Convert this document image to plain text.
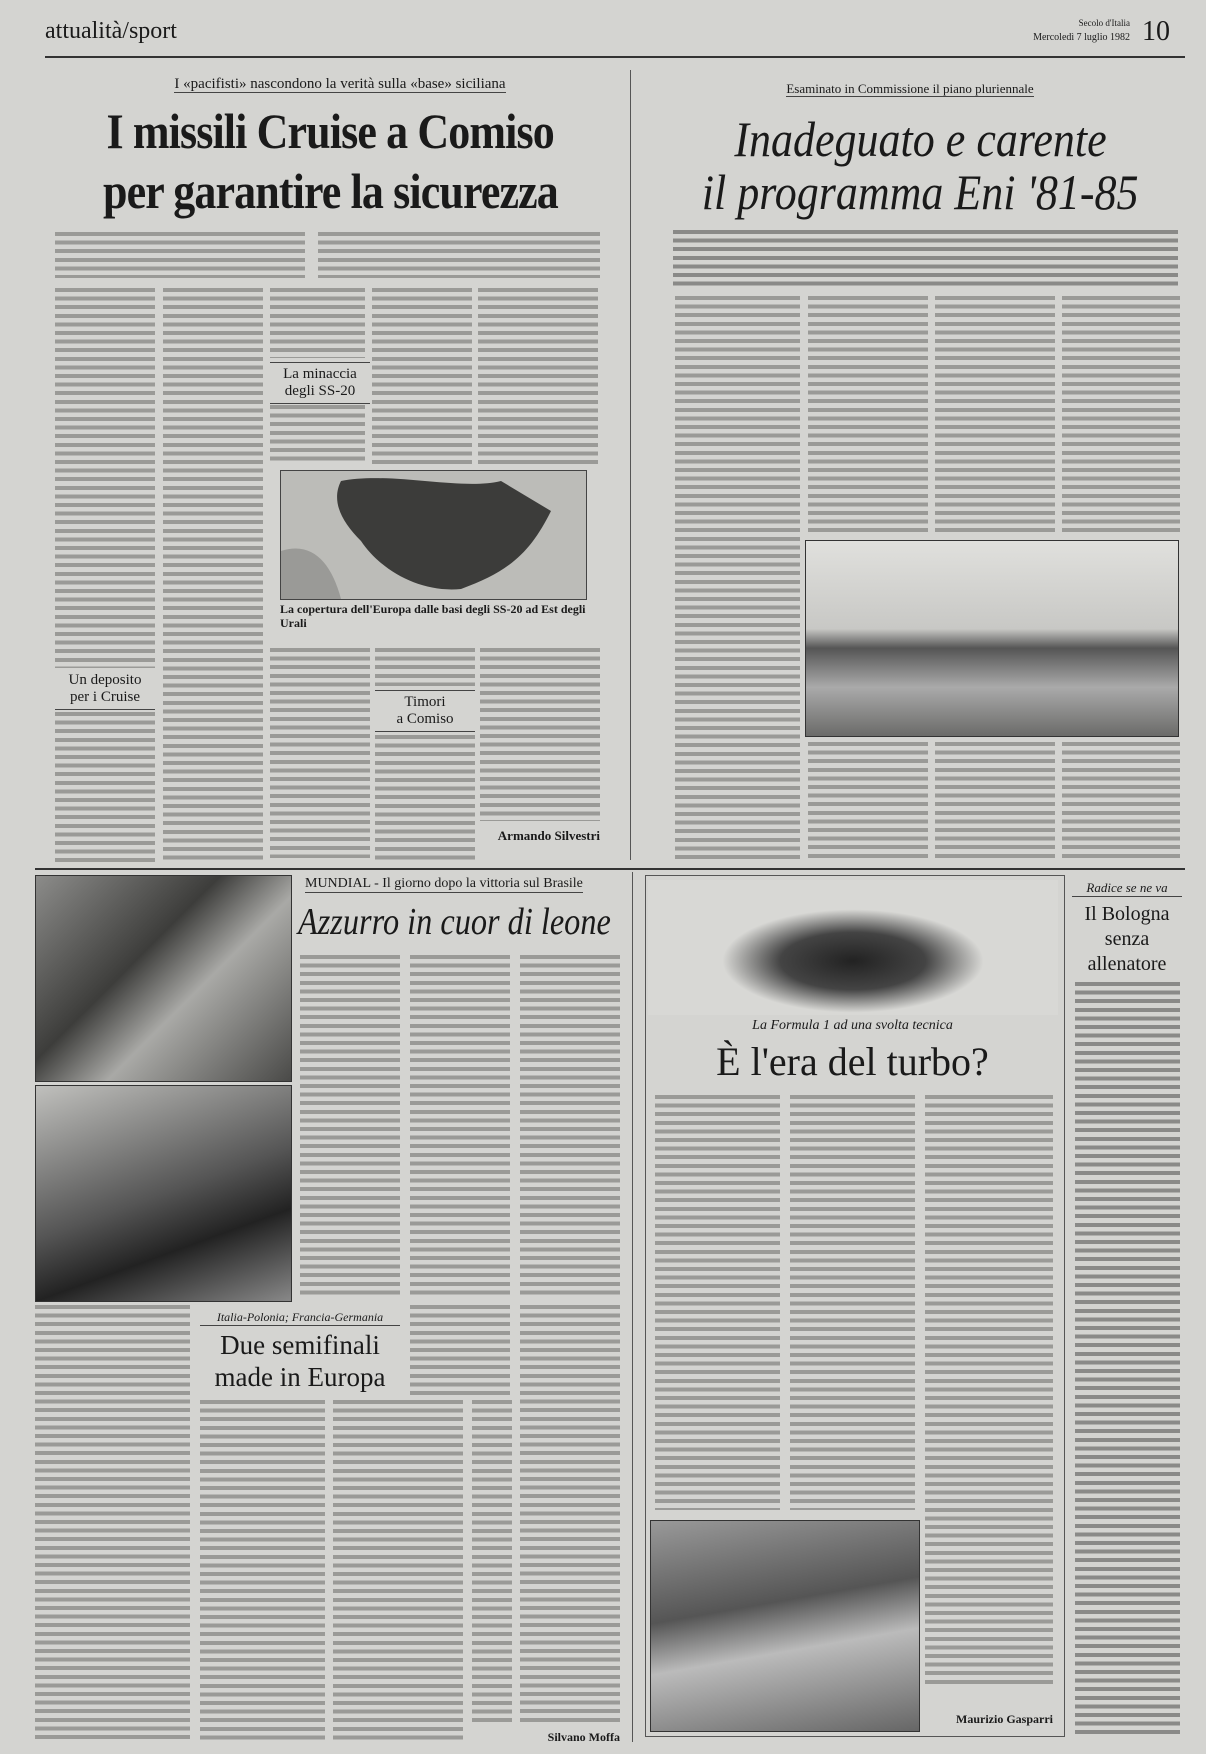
attualità/sport	Secolo d'Italia
Mercoledì 7 luglio 1982 10
I «pacifisti» nascondono la verità sulla «base» siciliana
I missili Cruise a Comiso
per garantire la sicurezza
Un deposito
per i Cruise
La minaccia
degli SS-20
La copertura dell'Europa dalle basi degli SS-20 ad Est degli Urali
Timori
a Comiso
Armando Silvestri
Esaminato in Commissione il piano pluriennale
Inadeguato e carente
il programma Eni '81-85
MUNDIAL - Il giorno dopo la vittoria sul Brasile
Azzurro in cuor di leone
Italia-Polonia; Francia-Germania
Due semifinali
made in Europa
Silvano Moffa
La Formula 1 ad una svolta tecnica
È l'era del turbo?
Maurizio Gasparri
Radice se ne va
Il Bologna
senza
allenatore
